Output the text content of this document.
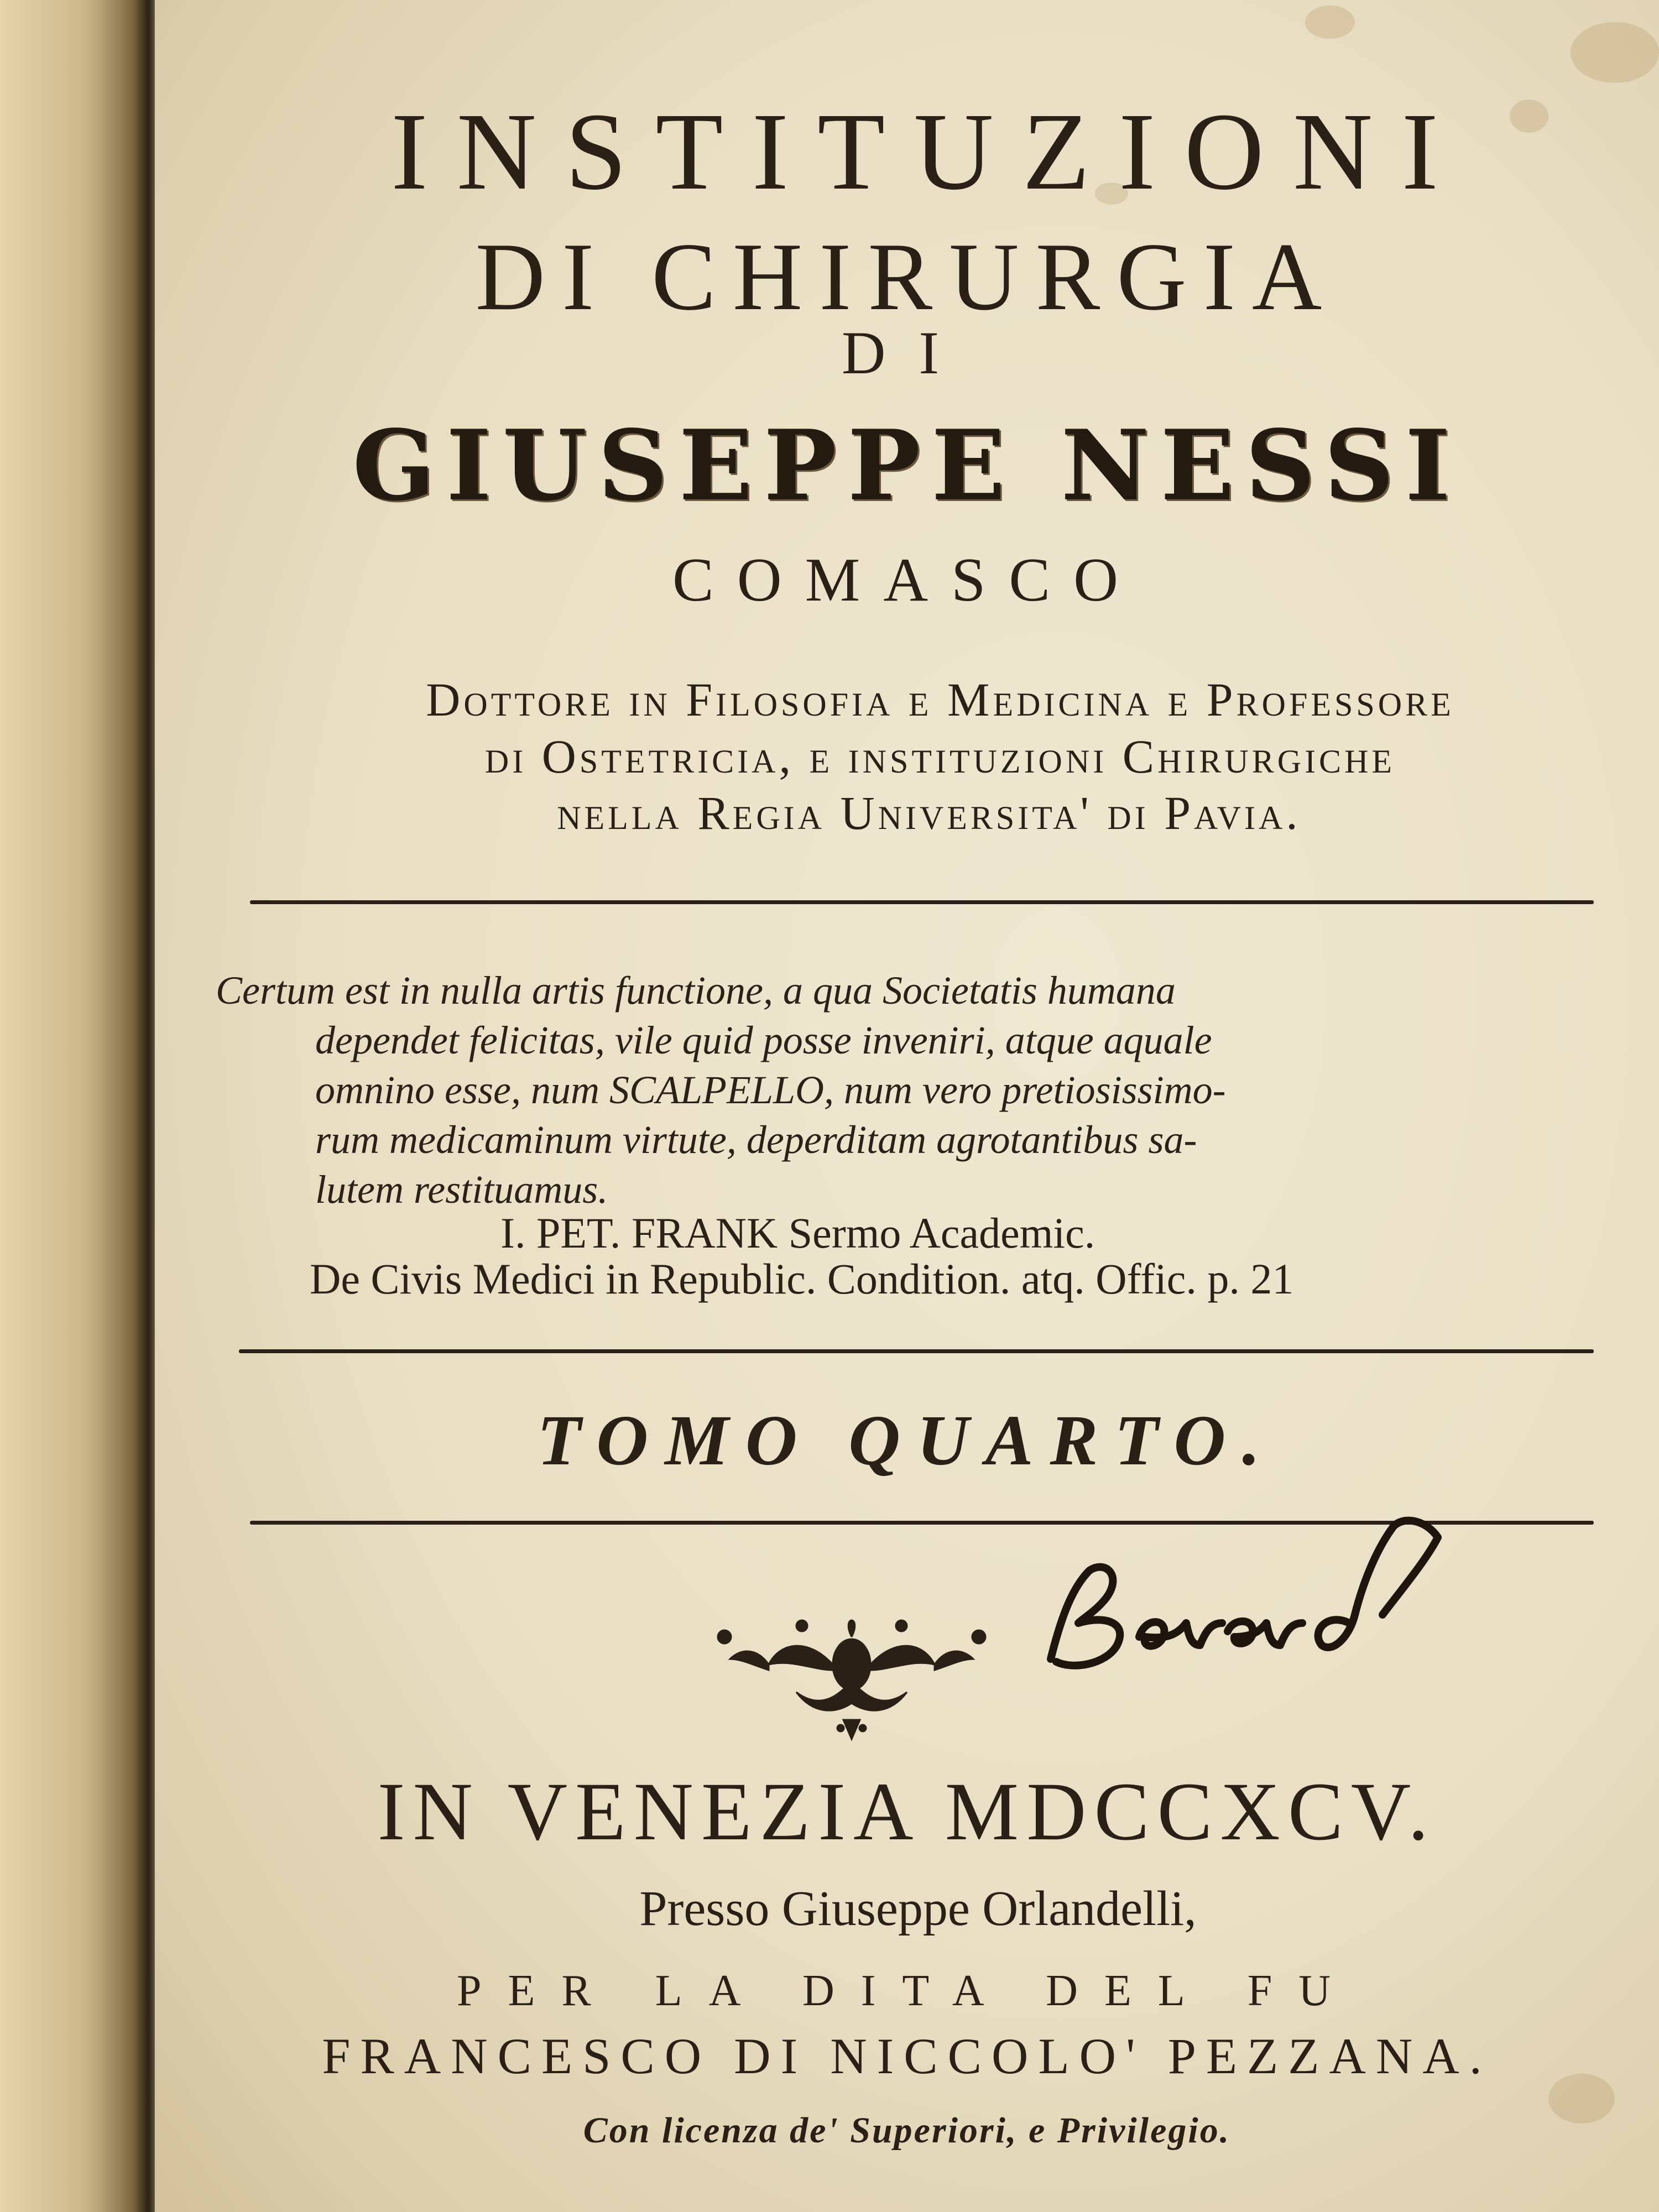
INSTITUZIONI
DI CHIRURGIA
DI
GIUSEPPE NESSI
COMASCO
Dottore in Filosofia e Medicina e Professore
di Ostetricia, e instituzioni Chirurgiche
nella Regia Universita' di Pavia.
Certum est in nulla artis functione, a qua Societatis humana
dependet felicitas, vile quid posse inveniri, atque aquale
omnino esse, num SCALPELLO, num vero pretiosissimo-
rum medicaminum virtute, deperditam agrotantibus sa-
lutem restituamus.
I. PET. FRANK Sermo Academic.
De Civis Medici in Republic. Condition. atq. Offic. p. 21
TOMO QUARTO.
IN VENEZIA MDCCXCV.
Presso Giuseppe Orlandelli,
PER LA DITA DEL FU
FRANCESCO DI NICCOLO' PEZZANA.
Con licenza de' Superiori, e Privilegio.
